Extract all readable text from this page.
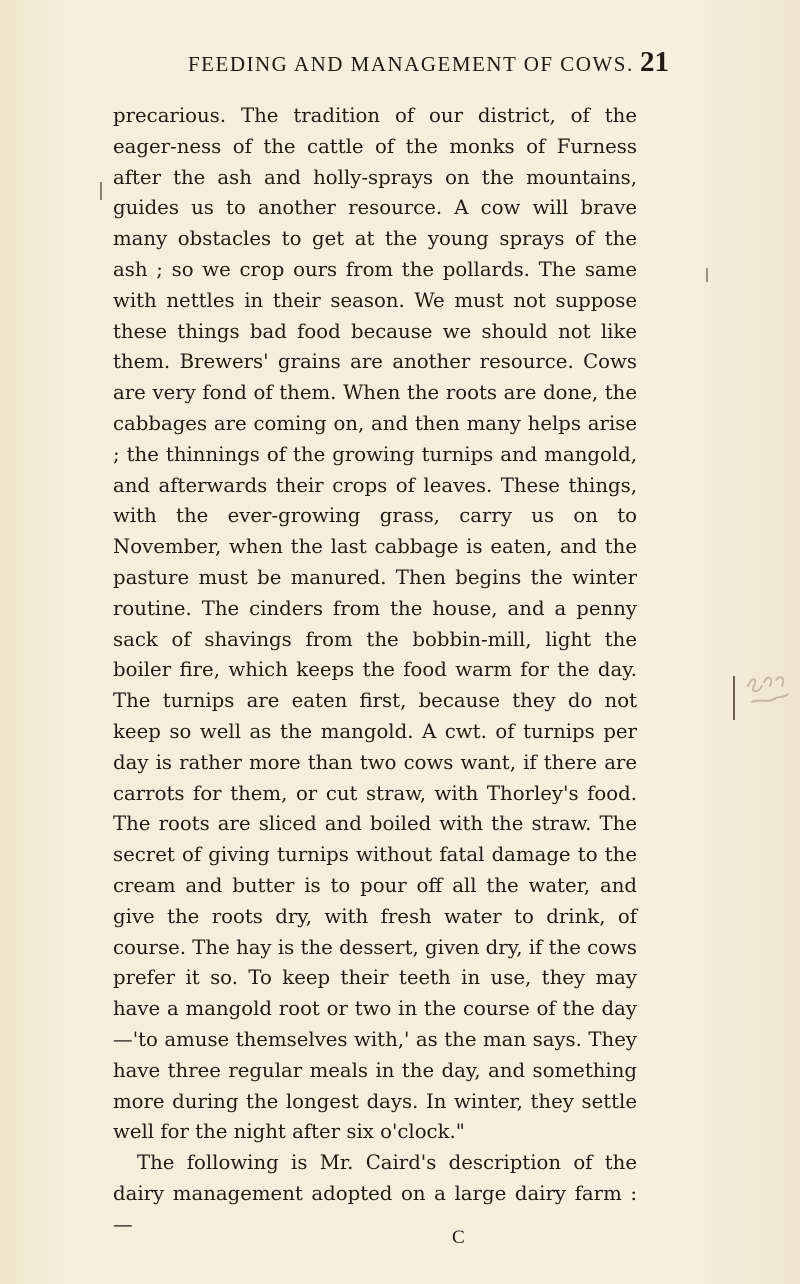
FEEDING AND MANAGEMENT OF COWS. 21

precarious. The tradition of our district, of the eager-ness of the cattle of the monks of Furness after the ash and holly-sprays on the mountains, guides us to another resource. A cow will brave many obstacles to get at the young sprays of the ash ; so we crop ours from the pollards. The same with nettles in their season. We must not suppose these things bad food because we should not like them. Brewers' grains are another resource. Cows are very fond of them. When the roots are done, the cabbages are coming on, and then many helps arise ; the thinnings of the growing turnips and mangold, and afterwards their crops of leaves. These things, with the ever-growing grass, carry us on to November, when the last cabbage is eaten, and the pasture must be manured. Then begins the winter routine. The cinders from the house, and a penny sack of shavings from the bobbin-mill, light the boiler fire, which keeps the food warm for the day. The turnips are eaten first, because they do not keep so well as the mangold. A cwt. of turnips per day is rather more than two cows want, if there are carrots for them, or cut straw, with Thorley's food. The roots are sliced and boiled with the straw. The secret of giving turnips without fatal damage to the cream and butter is to pour off all the water, and give the roots dry, with fresh water to drink, of course. The hay is the dessert, given dry, if the cows prefer it so. To keep their teeth in use, they may have a mangold root or two in the course of the day—'to amuse themselves with,' as the man says. They have three regular meals in the day, and something more during the longest days. In winter, they settle well for the night after six o'clock."

The following is Mr. Caird's description of the dairy management adopted on a large dairy farm :—

C
